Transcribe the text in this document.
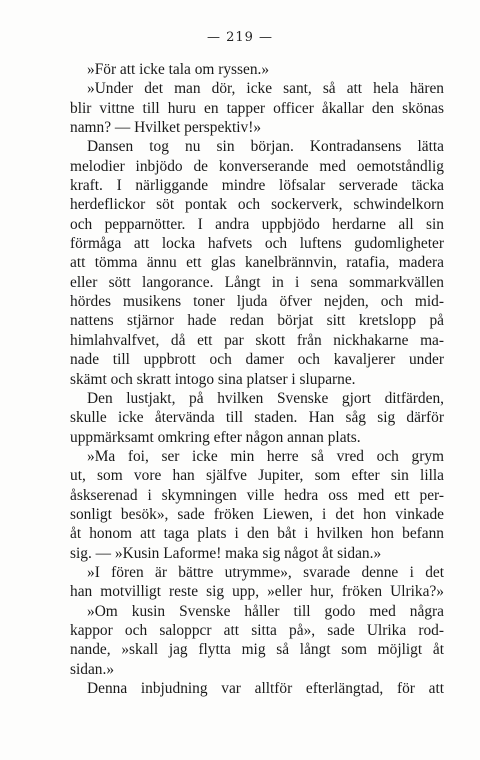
— 219 —
»För att icke tala om ryssen.»
»Under det man dör, icke sant, så att hela hären
blir vittne till huru en tapper officer åkallar den skönas
namn? — Hvilket perspektiv!»
Dansen tog nu sin början. Kontradansens lätta
melodier inbjödo de konverserande med oemotståndlig
kraft. I närliggande mindre löfsalar serverade täcka
herdeflickor söt pontak och sockerverk, schwindelkorn
och pepparnötter. I andra uppbjödo herdarne all sin
förmåga att locka hafvets och luftens gudomligheter
att tömma ännu ett glas kanelbrännvin, ratafia, madera
eller sött langorance. Långt in i sena sommarkvällen
hördes musikens toner ljuda öfver nejden, och mid-
nattens stjärnor hade redan börjat sitt kretslopp på
himlahvalfvet, då ett par skott från nickhakarne ma-
nade till uppbrott och damer och kavaljerer under
skämt och skratt intogo sina platser i sluparne.
Den lustjakt, på hvilken Svenske gjort ditfärden,
skulle icke återvända till staden. Han såg sig därför
uppmärksamt omkring efter någon annan plats.
»Ma foi, ser icke min herre så vred och grym
ut, som vore han själfve Jupiter, som efter sin lilla
åskserenad i skymningen ville hedra oss med ett per-
sonligt besök», sade fröken Liewen, i det hon vinkade
åt honom att taga plats i den båt i hvilken hon befann
sig. — »Kusin Laforme! maka sig något åt sidan.»
»I fören är bättre utrymme», svarade denne i det
han motvilligt reste sig upp, »eller hur, fröken Ulrika?»
»Om kusin Svenske håller till godo med några
kappor och saloppcr att sitta på», sade Ulrika rod-
nande, »skall jag flytta mig så långt som möjligt åt
sidan.»
Denna inbjudning var alltför efterlängtad, för att
